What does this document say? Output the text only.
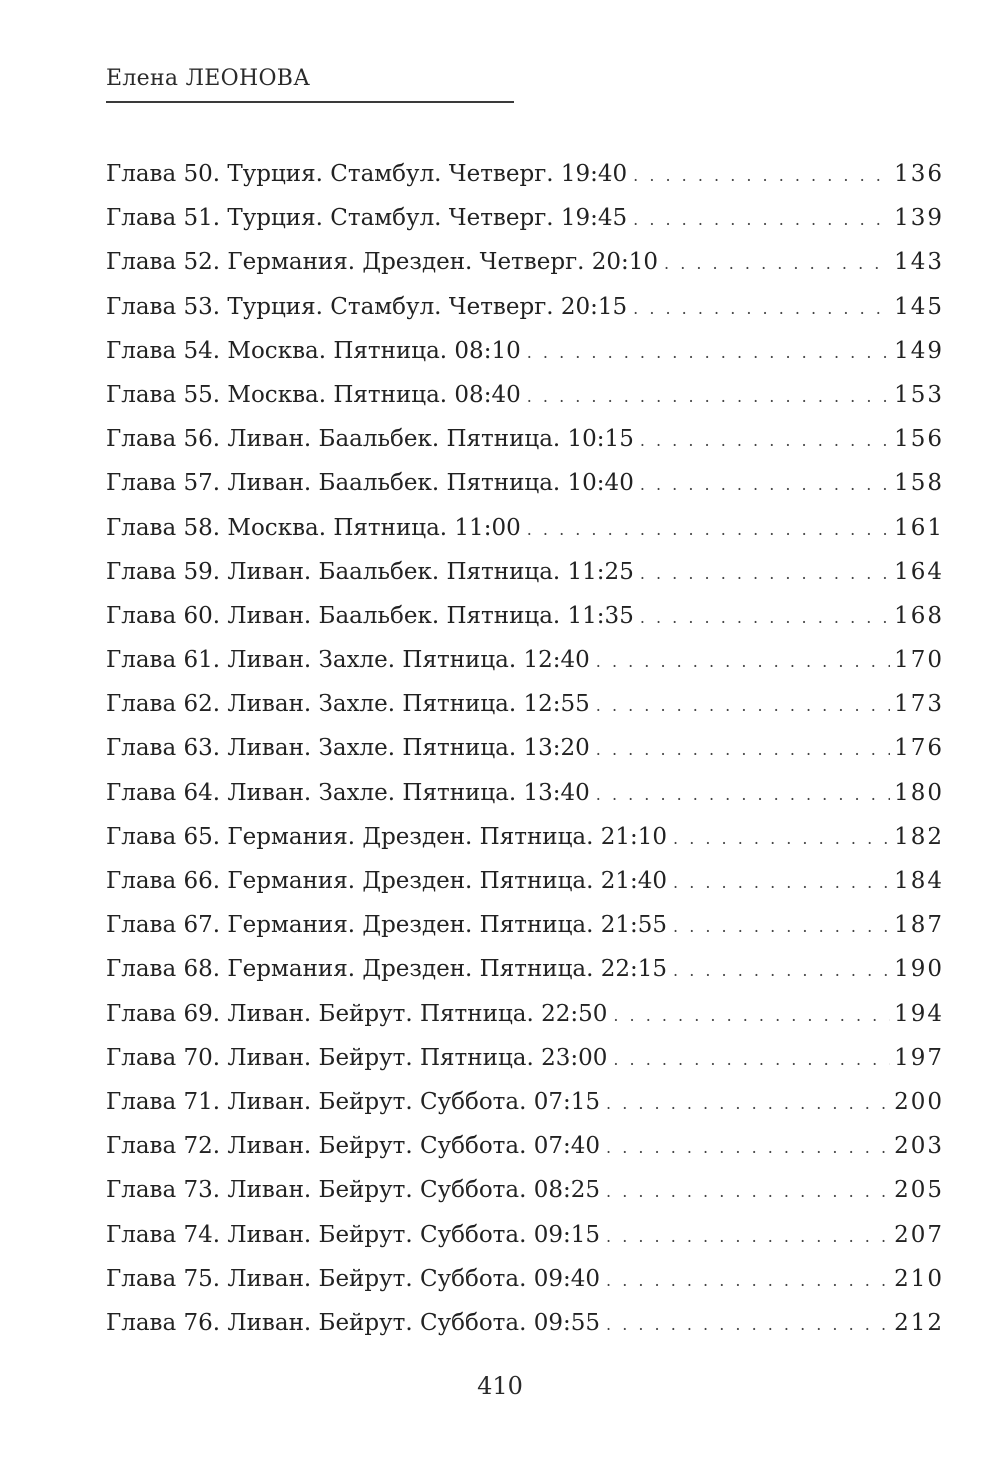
Елена ЛЕОНОВА
Глава 50. Турция. Стамбул. Четверг. 19:40 . . .	136
Глава 51. Турция. Стамбул. Четверг. 19:45 . . .	139
Глава 52. Германия. Дрезден. Четверг. 20:10 . . .	143
Глава 53. Турция. Стамбул. Четверг. 20:15 . . .	145
Глава 54. Москва. Пятница. 08:10 . . .	149
Глава 55. Москва. Пятница. 08:40 . . .	153
Глава 56. Ливан. Баальбек. Пятница. 10:15 . . .	156
Глава 57. Ливан. Баальбек. Пятница. 10:40 . . .	158
Глава 58. Москва. Пятница. 11:00 . . .	161
Глава 59. Ливан. Баальбек. Пятница. 11:25 . . .	164
Глава 60. Ливан. Баальбек. Пятница. 11:35 . . .	168
Глава 61. Ливан. Захле. Пятница. 12:40 . . .	170
Глава 62. Ливан. Захле. Пятница. 12:55 . . .	173
Глава 63. Ливан. Захле. Пятница. 13:20 . . .	176
Глава 64. Ливан. Захле. Пятница. 13:40 . . .	180
Глава 65. Германия. Дрезден. Пятница. 21:10 . . .	182
Глава 66. Германия. Дрезден. Пятница. 21:40 . . .	184
Глава 67. Германия. Дрезден. Пятница. 21:55 . . .	187
Глава 68. Германия. Дрезден. Пятница. 22:15 . . .	190
Глава 69. Ливан. Бейрут. Пятница. 22:50 . . .	194
Глава 70. Ливан. Бейрут. Пятница. 23:00 . . .	197
Глава 71. Ливан. Бейрут. Суббота. 07:15 . . .	200
Глава 72. Ливан. Бейрут. Суббота. 07:40 . . .	203
Глава 73. Ливан. Бейрут. Суббота. 08:25 . . .	205
Глава 74. Ливан. Бейрут. Суббота. 09:15 . . .	207
Глава 75. Ливан. Бейрут. Суббота. 09:40 . . .	210
Глава 76. Ливан. Бейрут. Суббота. 09:55 . . .	212
410
